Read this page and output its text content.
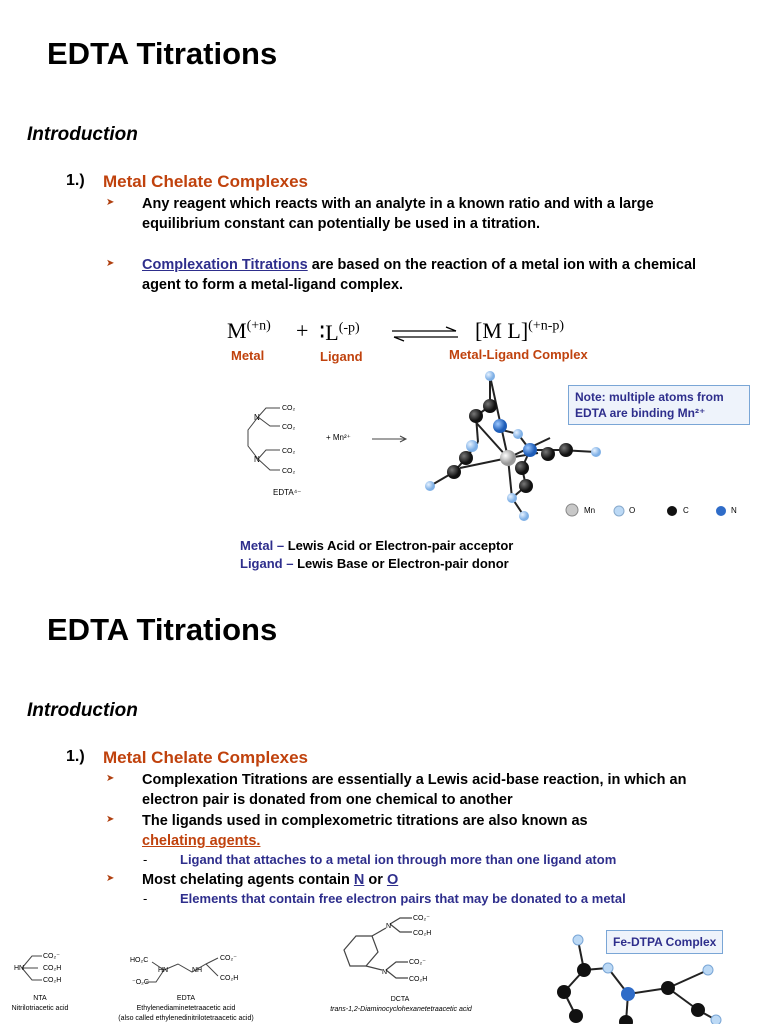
EDTA Titrations
Introduction
1.) Metal Chelate Complexes
➤ Any reagent which reacts with an analyte in a known ratio and with a large equilibrium constant can potentially be used in a titration.
➤ Complexation Titrations are based on the reaction of a metal ion with a chemical agent to form a metal-ligand complex.
$M^{(+n)}$ + $∶L^{(-p)}$	[M L]$^{(+n-p)}$
Metal	Ligand	Metal-Ligand Complex
N
N
CO₂
CO₂
CO₂
CO₂
EDTA⁴⁻
+ Mn²⁺ →
Note: multiple atoms from EDTA are binding Mn²⁺
Mn	O	C	N
Metal – Lewis Acid or Electron-pair acceptor
Ligand – Lewis Base or Electron-pair donor
EDTA Titrations
Introduction
1.) Metal Chelate Complexes
➤ Complexation Titrations are essentially a Lewis acid-base reaction, in which an electron pair is donated from one chemical to another
➤ The ligands used in complexometric titrations are also known as
chelating agents.
-	Ligand that attaches to a metal ion through more than one ligand atom
➤ Most chelating agents contain N or O
-	Elements that contain free electron pairs that may be donated to a metal
HN
CO₂⁻
CO₂H
CO₂H
NTA
Nitrilotriacetic acid
HO₂C
HN	NH
CO₂⁻
⁻O₂C
CO₂H
EDTA
Ethylenediaminetetraacetic acid
(also called ethylenedinitrilotetraacetic acid)
N
N
CO₂⁻
CO₂H
CO₂⁻
CO₂H
DCTA
trans-1,2-Diaminocyclohexanetetraacetic acid
Fe-DTPA Complex
